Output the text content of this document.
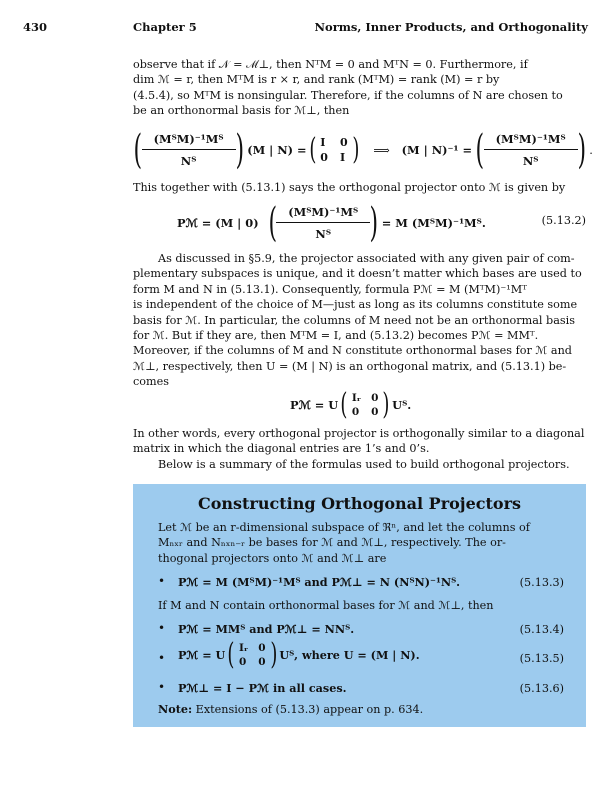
430	Chapter 5	Norms, Inner Products, and Orthogonality
observe that if 𝒩 = ℳ⊥, then NᵀM = 0 and MᵀN = 0. Furthermore, if
dim ℳ = r, then MᵀM is r × r, and rank (MᵀM) = rank (M) = r by
(4.5.4), so MᵀM is nonsingular. Therefore, if the columns of N are chosen to
be an orthonormal basis for ℳ⊥, then
( $\frac{\text{(MᵀM)⁻¹Mᵀ}}{\text{Nᵀ}}$ ) (M | N) = ( I 0
0 I ) ⟹ (M | N)⁻¹ = ( $\frac{\text{(MᵀM)⁻¹Mᵀ}}{\text{Nᵀ}}$ ) .
This together with (5.13.1) says the orthogonal projector onto ℳ is given by
Pℳ = (M | 0) ( $\frac{\text{(MᵀM)⁻¹Mᵀ}}{\text{Nᵀ}}$ ) = M (MᵀM)⁻¹Mᵀ.	(5.13.2)
As discussed in §5.9, the projector associated with any given pair of com-
plementary subspaces is unique, and it doesn’t matter which bases are used to
form M and N in (5.13.1). Consequently, formula Pℳ = M (MᵀM)⁻¹Mᵀ
is independent of the choice of M—just as long as its columns constitute some
basis for ℳ. In particular, the columns of M need not be an orthonormal basis
for ℳ. But if they are, then MᵀM = I, and (5.13.2) becomes Pℳ = MMᵀ.
Moreover, if the columns of M and N constitute orthonormal bases for ℳ and
ℳ⊥, respectively, then U = (M | N) is an orthogonal matrix, and (5.13.1) be-
comes
Pℳ = U ( Iᵣ 0
0 0 ) Uᵀ.
In other words, every orthogonal projector is orthogonally similar to a diagonal
matrix in which the diagonal entries are 1’s and 0’s.
Below is a summary of the formulas used to build orthogonal projectors.
Constructing Orthogonal Projectors
Let ℳ be an r-dimensional subspace of ℜⁿ, and let the columns of
Mₙₓᵣ and Nₙₓₙ₋ᵣ be bases for ℳ and ℳ⊥, respectively. The or-
thogonal projectors onto ℳ and ℳ⊥ are
• Pℳ = M (MᵀM)⁻¹Mᵀ and Pℳ⊥ = N (NᵀN)⁻¹Nᵀ.	(5.13.3)
If M and N contain orthonormal bases for ℳ and ℳ⊥, then
• Pℳ = MMᵀ and Pℳ⊥ = NNᵀ.	(5.13.4)
• Pℳ = U ( Iᵣ 0
0 0 ) Uᵀ, where U = (M | N).	(5.13.5)
• Pℳ⊥ = I − Pℳ in all cases.	(5.13.6)
Note: Extensions of (5.13.3) appear on p. 634.
